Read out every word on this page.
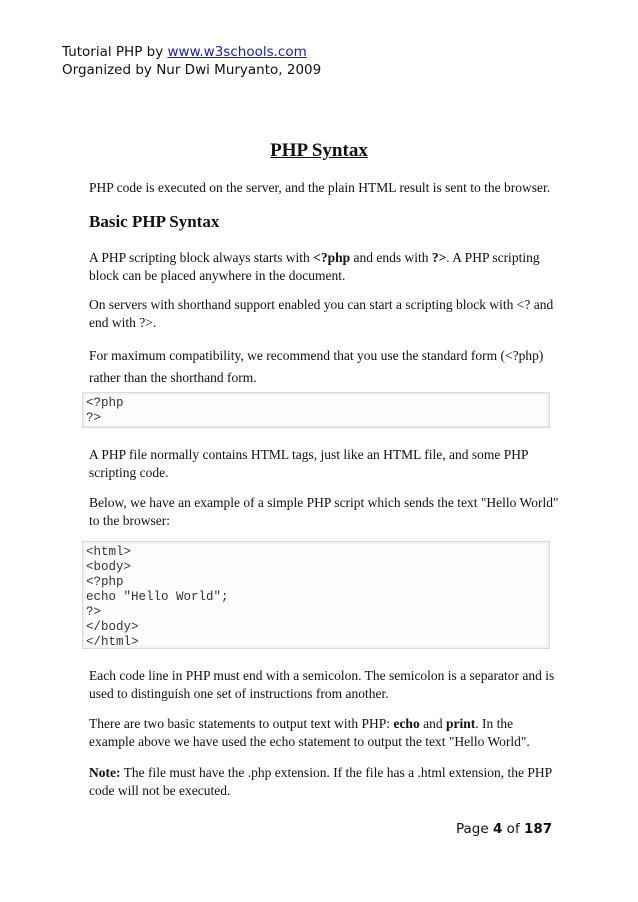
Tutorial PHP by www.w3schools.com
Organized by Nur Dwi Muryanto, 2009
PHP Syntax
PHP code is executed on the server, and the plain HTML result is sent to the browser.
Basic PHP Syntax
A PHP scripting block always starts with <?php and ends with ?>. A PHP scripting block can be placed anywhere in the document.
On servers with shorthand support enabled you can start a scripting block with <? and end with ?>.
For maximum compatibility, we recommend that you use the standard form (<?php)
rather than the shorthand form.
<?php
?>
A PHP file normally contains HTML tags, just like an HTML file, and some PHP scripting code.
Below, we have an example of a simple PHP script which sends the text "Hello World" to the browser:
<html>
<body>
<?php
echo "Hello World";
?>
</body>
</html>
Each code line in PHP must end with a semicolon. The semicolon is a separator and is used to distinguish one set of instructions from another.
There are two basic statements to output text with PHP: echo and print. In the example above we have used the echo statement to output the text "Hello World".
Note: The file must have the .php extension. If the file has a .html extension, the PHP code will not be executed.
Page 4 of 187
